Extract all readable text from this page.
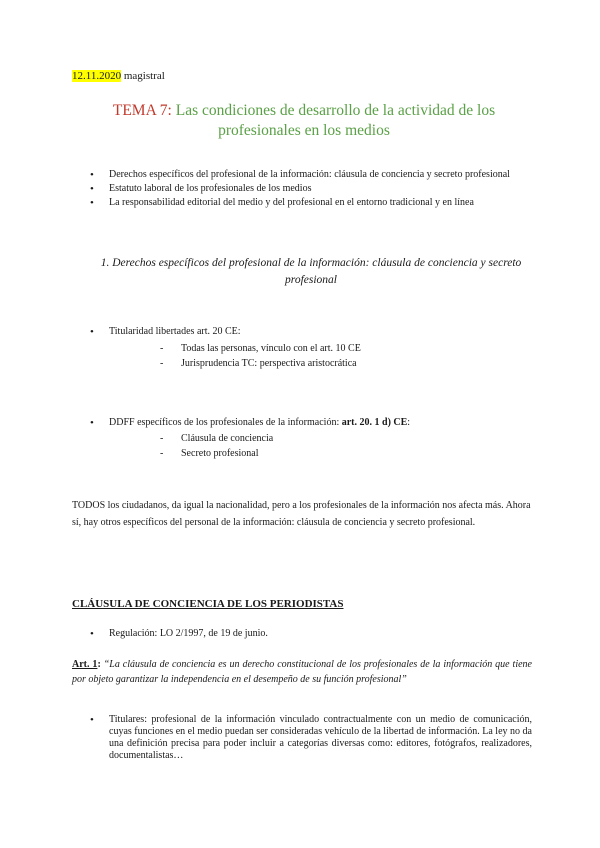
12.11.2020 magistral
TEMA 7: Las condiciones de desarrollo de la actividad de los profesionales en los medios
• Derechos específicos del profesional de la información: cláusula de conciencia y secreto profesional
• Estatuto laboral de los profesionales de los medios
• La responsabilidad editorial del medio y del profesional en el entorno tradicional y en línea
1. Derechos específicos del profesional de la información: cláusula de conciencia y secreto profesional
• Titularidad libertades art. 20 CE:
- Todas las personas, vínculo con el art. 10 CE
- Jurisprudencia TC: perspectiva aristocrática
• DDFF específicos de los profesionales de la información: art. 20. 1 d) CE:
- Cláusula de conciencia
- Secreto profesional
TODOS los ciudadanos, da igual la nacionalidad, pero a los profesionales de la información nos afecta más. Ahora sí, hay otros específicos del personal de la información: cláusula de conciencia y secreto profesional.
CLÁUSULA DE CONCIENCIA DE LOS PERIODISTAS
• Regulación: LO 2/1997, de 19 de junio.
Art. 1: “La cláusula de conciencia es un derecho constitucional de los profesionales de la información que tiene por objeto garantizar la independencia en el desempeño de su función profesional”
• Titulares: profesional de la información vinculado contractualmente con un medio de comunicación, cuyas funciones en el medio puedan ser consideradas vehículo de la libertad de información. La ley no da una definición precisa para poder incluir a categorías diversas como: editores, fotógrafos, realizadores, documentalistas…
